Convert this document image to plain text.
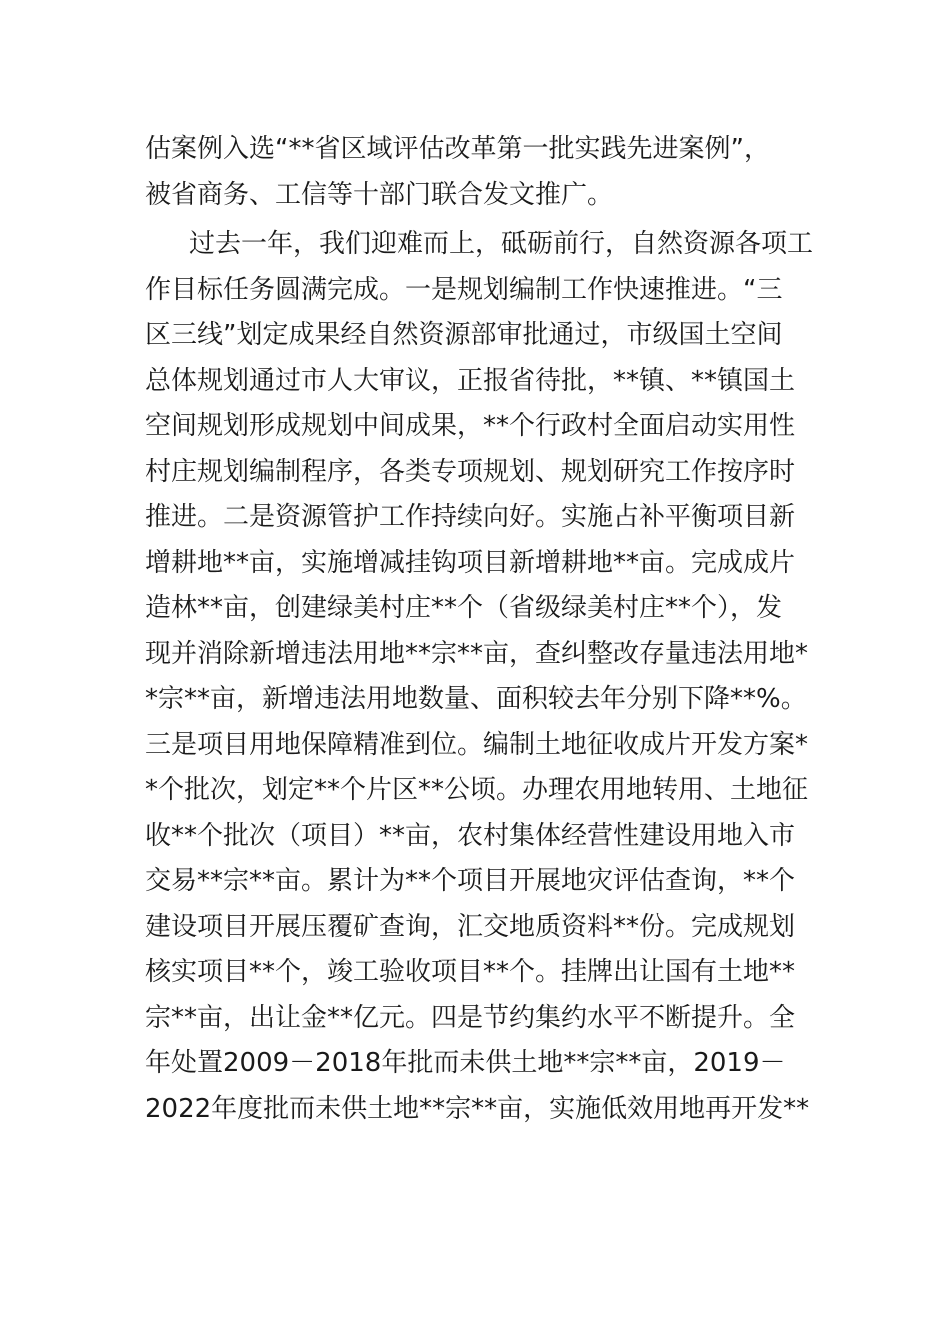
估案例入选“**省区域评估改革第一批实践先进案例”，
被省商务、工信等十部门联合发文推广。
过去一年，我们迎难而上，砥砺前行，自然资源各项工
作目标任务圆满完成。一是规划编制工作快速推进。“三
区三线”划定成果经自然资源部审批通过，市级国土空间
总体规划通过市人大审议，正报省待批，**镇、**镇国土
空间规划形成规划中间成果，**个行政村全面启动实用性
村庄规划编制程序，各类专项规划、规划研究工作按序时
推进。二是资源管护工作持续向好。实施占补平衡项目新
增耕地**亩，实施增减挂钩项目新增耕地**亩。完成成片
造林**亩，创建绿美村庄**个（省级绿美村庄**个），发
现并消除新增违法用地**宗**亩，查纠整改存量违法用地*
*宗**亩，新增违法用地数量、面积较去年分别下降**%。
三是项目用地保障精准到位。编制土地征收成片开发方案*
*个批次，划定**个片区**公顷。办理农用地转用、土地征
收**个批次（项目）**亩，农村集体经营性建设用地入市
交易**宗**亩。累计为**个项目开展地灾评估查询，**个
建设项目开展压覆矿查询，汇交地质资料**份。完成规划
核实项目**个，竣工验收项目**个。挂牌出让国有土地**
宗**亩，出让金**亿元。四是节约集约水平不断提升。全
年处置2009－2018年批而未供土地**宗**亩，2019－
2022年度批而未供土地**宗**亩，实施低效用地再开发**
